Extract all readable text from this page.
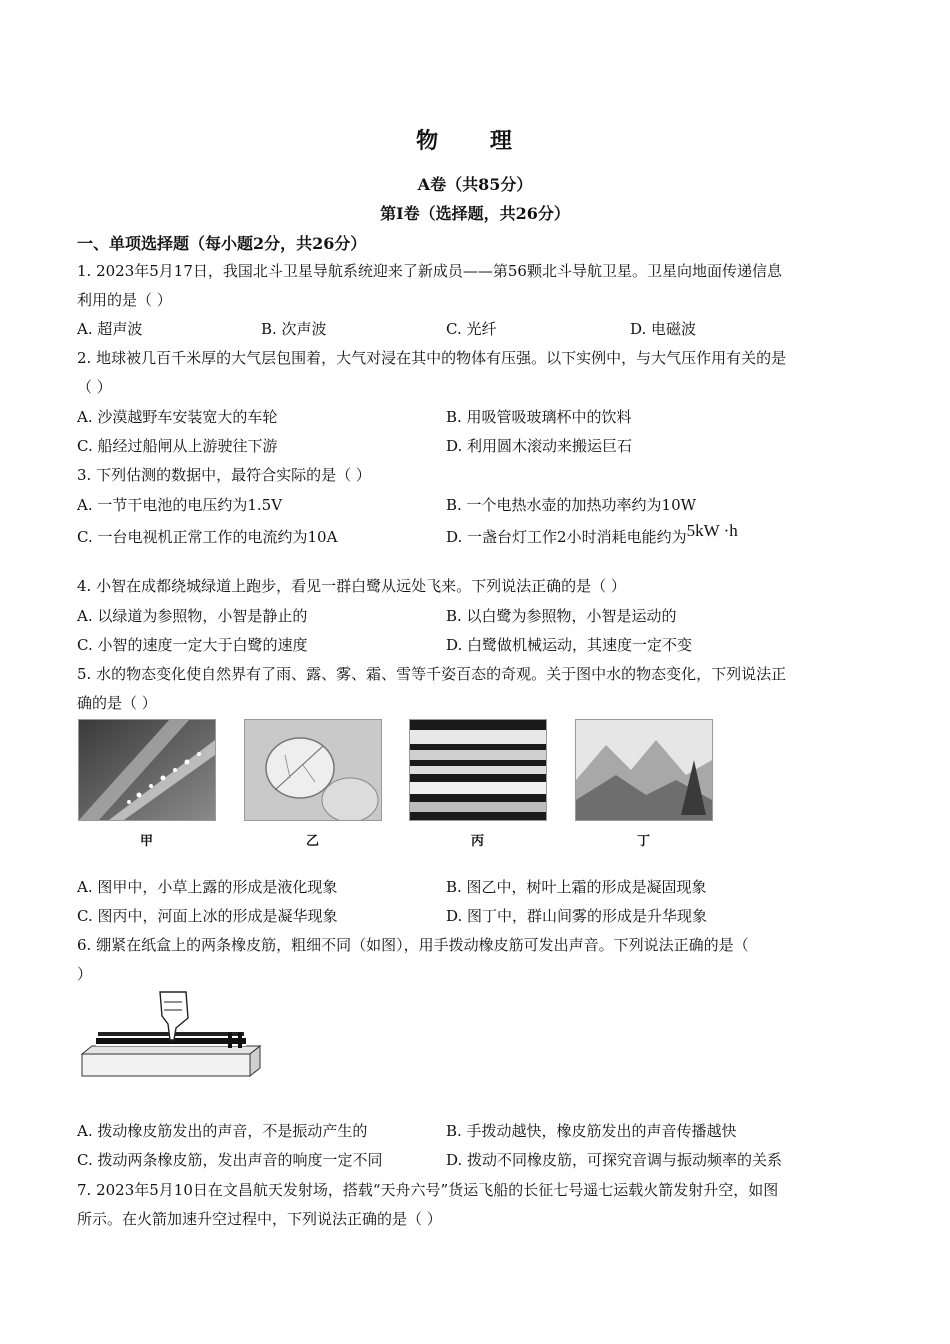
物 理
A卷（共85分）
第Ⅰ卷（选择题，共26分）
一、单项选择题（每小题2分，共26分）
1. 2023年5月17日，我国北斗卫星导航系统迎来了新成员——第56颗北斗导航卫星。卫星向地面传递信息
利用的是（ ）
A. 超声波	B. 次声波	C. 光纤	D. 电磁波
2. 地球被几百千米厚的大气层包围着，大气对浸在其中的物体有压强。以下实例中，与大气压作用有关的是
（ ）
A. 沙漠越野车安装宽大的车轮	B. 用吸管吸玻璃杯中的饮料
C. 船经过船闸从上游驶往下游	D. 利用圆木滚动来搬运巨石
3. 下列估测的数据中，最符合实际的是（ ）
A. 一节干电池的电压约为1.5V	B. 一个电热水壶的加热功率约为10W
C. 一台电视机正常工作的电流约为10A	D. 一盏台灯工作2小时消耗电能约为5kW ·h
4. 小智在成都绕城绿道上跑步，看见一群白鹭从远处飞来。下列说法正确的是（ ）
A. 以绿道为参照物，小智是静止的	B. 以白鹭为参照物，小智是运动的
C. 小智的速度一定大于白鹭的速度	D. 白鹭做机械运动，其速度一定不变
5. 水的物态变化使自然界有了雨、露、雾、霜、雪等千姿百态的奇观。关于图中水的物态变化，下列说法正
确的是（ ）
甲	乙	丙	丁
A. 图甲中，小草上露的形成是液化现象	B. 图乙中，树叶上霜的形成是凝固现象
C. 图丙中，河面上冰的形成是凝华现象	D. 图丁中，群山间雾的形成是升华现象
6. 绷紧在纸盒上的两条橡皮筋，粗细不同（如图），用手拨动橡皮筋可发出声音。下列说法正确的是（
）
A. 拨动橡皮筋发出的声音，不是振动产生的	B. 手拨动越快，橡皮筋发出的声音传播越快
C. 拨动两条橡皮筋，发出声音的响度一定不同	D. 拨动不同橡皮筋，可探究音调与振动频率的关系
7. 2023年5月10日在文昌航天发射场，搭载“天舟六号”货运飞船的长征七号遥七运载火箭发射升空，如图
所示。在火箭加速升空过程中，下列说法正确的是（ ）
